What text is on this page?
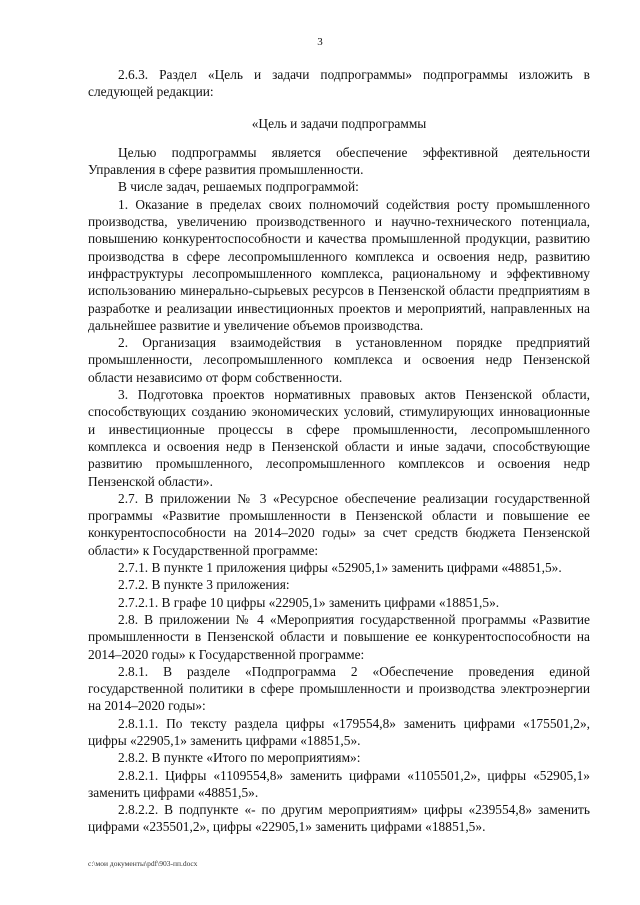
3

2.6.3. Раздел «Цель и задачи подпрограммы» подпрограммы изложить в следующей редакции:

«Цель и задачи подпрограммы

Целью подпрограммы является обеспечение эффективной деятельности Управления в сфере развития промышленности.

В числе задач, решаемых подпрограммой:

1. Оказание в пределах своих полномочий содействия росту промышленного производства, увеличению производственного и научно-технического потенциала, повышению конкурентоспособности и качества промышленной продукции, развитию производства в сфере лесопромышленного комплекса и освоения недр, развитию инфраструктуры лесопромышленного комплекса, рациональному и эффективному использованию минерально-сырьевых ресурсов в Пензенской области предприятиям в разработке и реализации инвестиционных проектов и мероприятий, направленных на дальнейшее развитие и увеличение объемов производства.

2. Организация взаимодействия в установленном порядке предприятий промышленности, лесопромышленного комплекса и освоения недр Пензенской области независимо от форм собственности.

3. Подготовка проектов нормативных правовых актов Пензенской области, способствующих созданию экономических условий, стимулирующих инновационные и инвестиционные процессы в сфере промышленности, лесопромышленного комплекса и освоения недр в Пензенской области и иные задачи, способствующие развитию промышленного, лесопромышленного комплексов и освоения недр Пензенской области».

2.7. В приложении № 3 «Ресурсное обеспечение реализации государственной программы «Развитие промышленности в Пензенской области и повышение ее конкурентоспособности на 2014–2020 годы» за счет средств бюджета Пензенской области» к Государственной программе:

2.7.1. В пункте 1 приложения цифры «52905,1» заменить цифрами «48851,5».

2.7.2. В пункте 3 приложения:

2.7.2.1. В графе 10 цифры «22905,1» заменить цифрами «18851,5».

2.8. В приложении № 4 «Мероприятия государственной программы «Развитие промышленности в Пензенской области и повышение ее конкурентоспособности на 2014–2020 годы» к Государственной программе:

2.8.1. В разделе «Подпрограмма 2 «Обеспечение проведения единой государственной политики в сфере промышленности и производства электроэнергии на 2014–2020 годы»:

2.8.1.1. По тексту раздела цифры «179554,8» заменить цифрами «175501,2», цифры «22905,1» заменить цифрами «18851,5».

2.8.2. В пункте «Итого по мероприятиям»:

2.8.2.1. Цифры «1109554,8» заменить цифрами «1105501,2», цифры «52905,1» заменить цифрами «48851,5».

2.8.2.2. В подпункте «- по другим мероприятиям» цифры «239554,8» заменить цифрами «235501,2», цифры «22905,1» заменить цифрами «18851,5».

c:\мои документы\pdf\903-пп.docx
